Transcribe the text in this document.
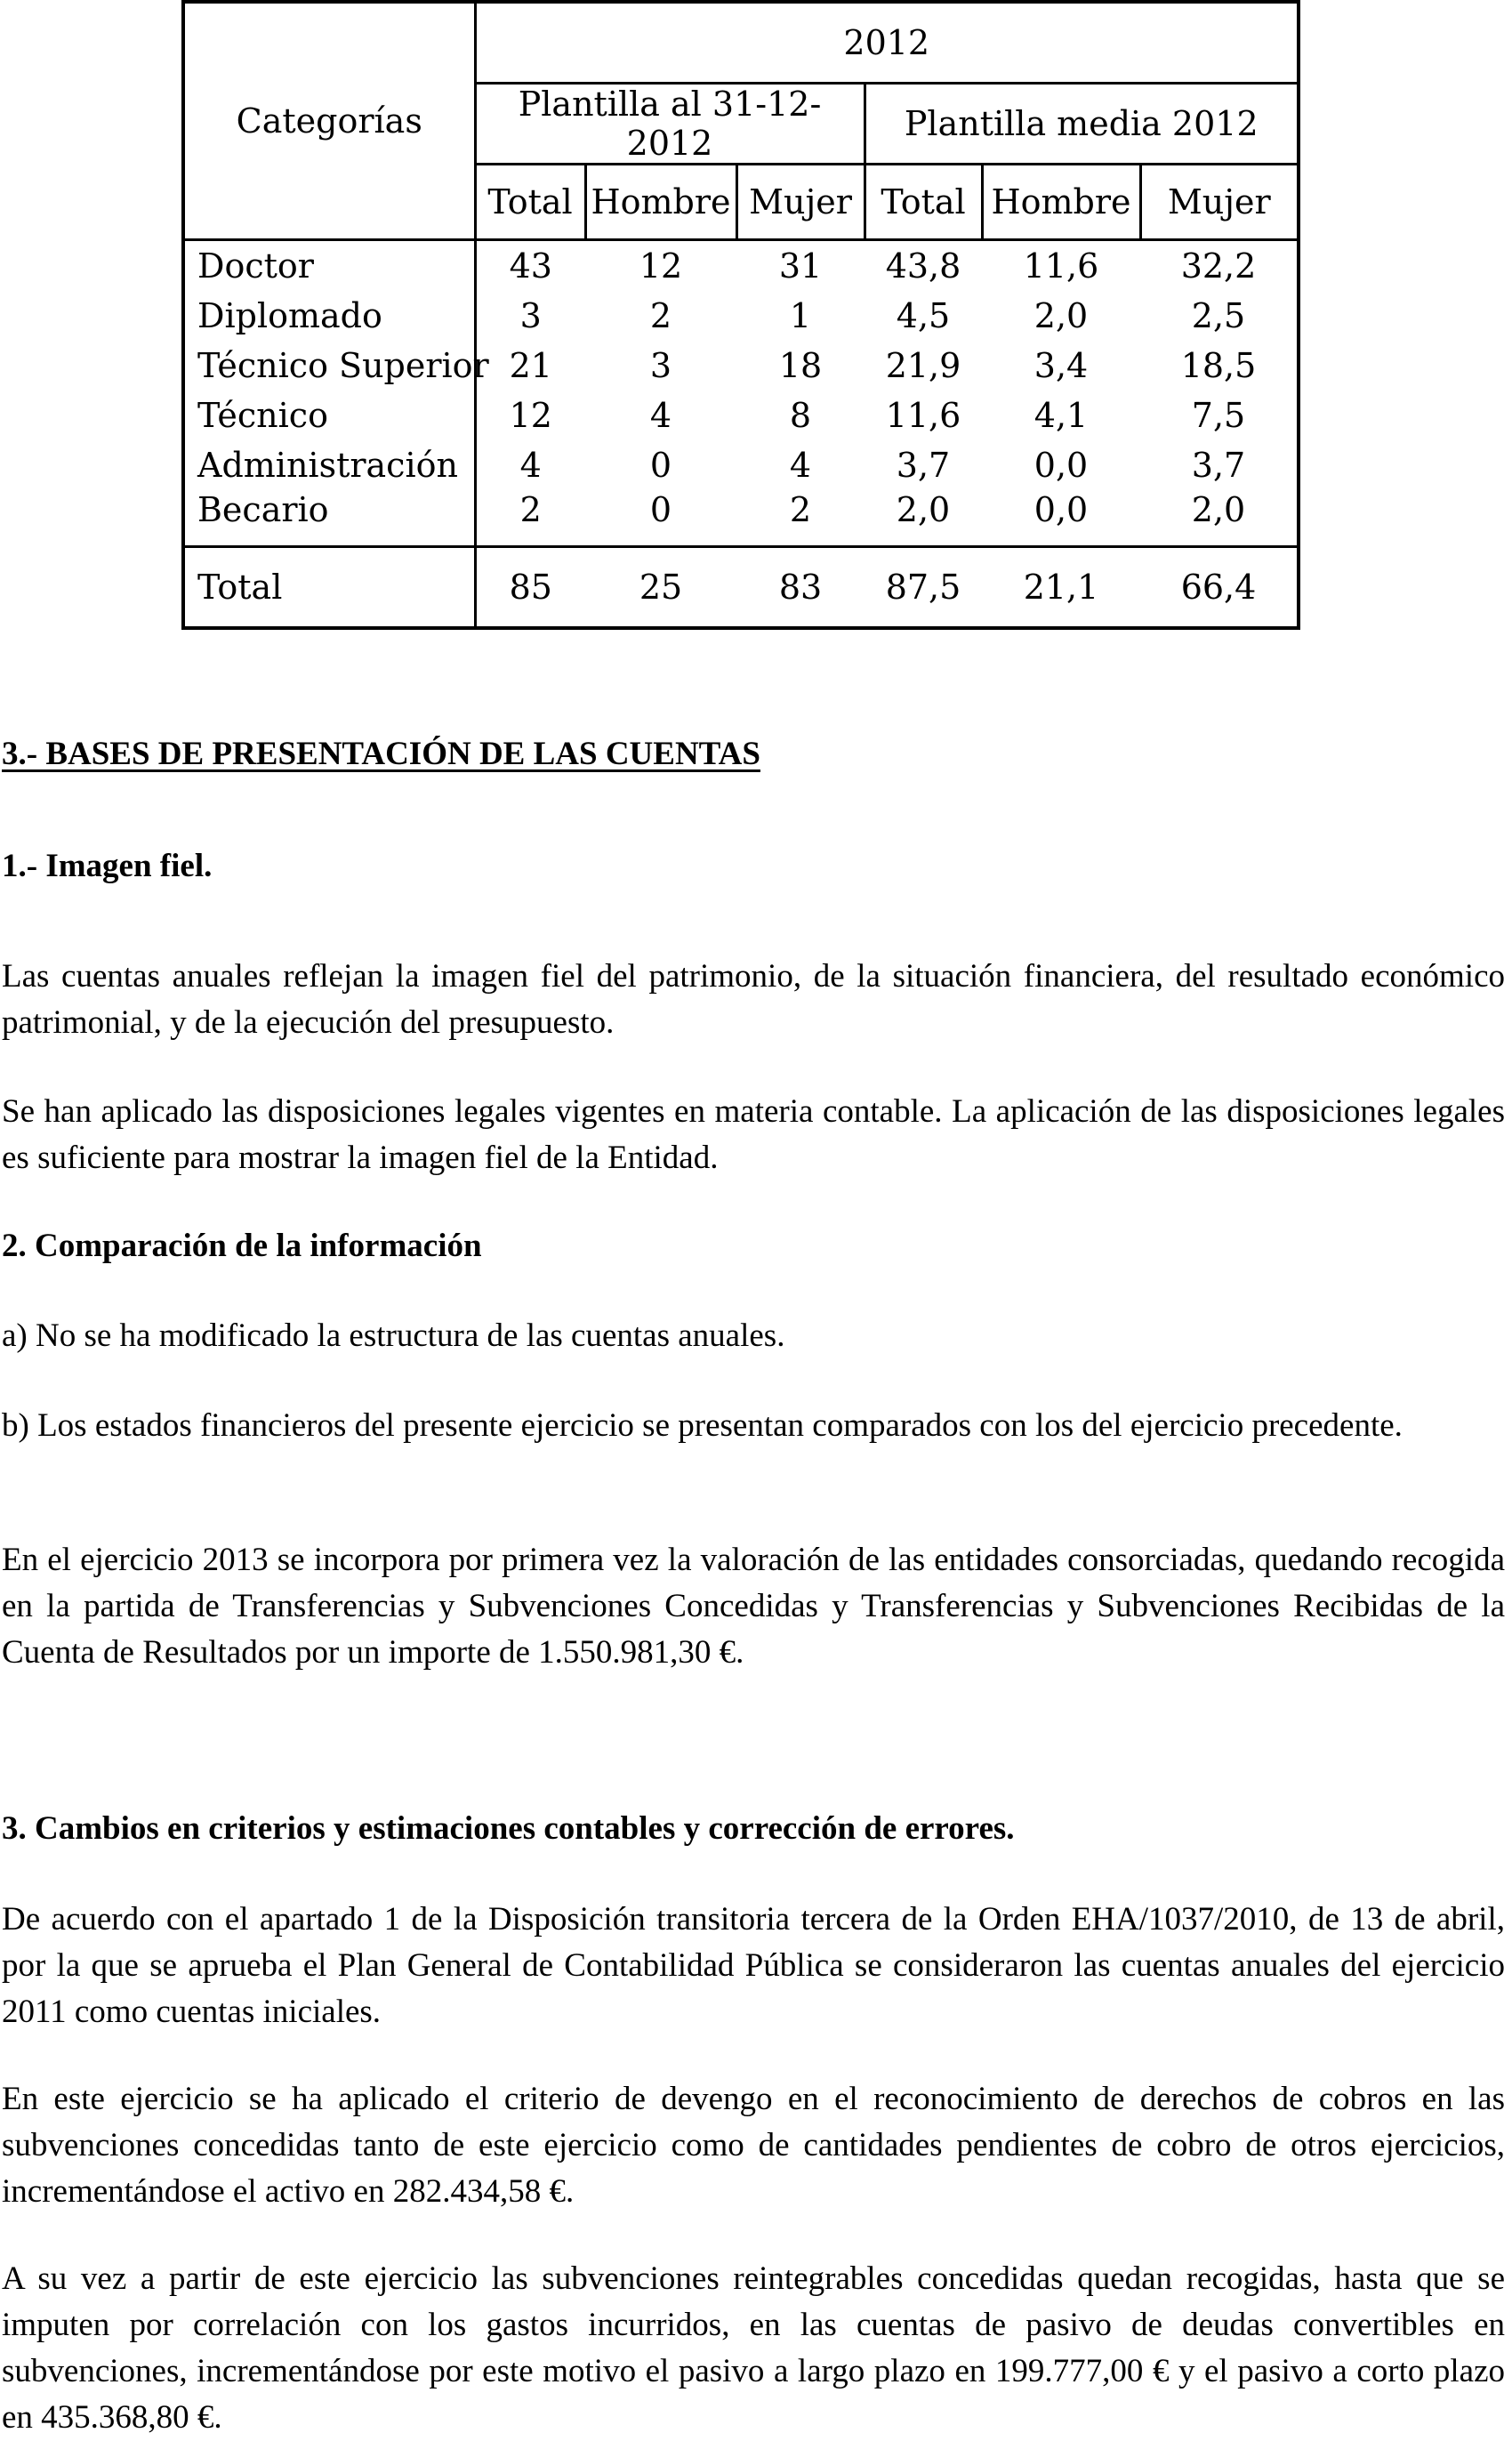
Categorías	2012					
	Plantilla al 31-12-2012			Plantilla media 2012		
	Total	Hombre	Mujer	Total	Hombre	Mujer
Doctor	43	12	31	43,8	11,6	32,2
Diplomado	3	2	1	4,5	2,0	2,5
Técnico Superior	21	3	18	21,9	3,4	18,5
Técnico	12	4	8	11,6	4,1	7,5
Administración	4	0	4	3,7	0,0	3,7
Becario	2	0	2	2,0	0,0	2,0
Total	85	25	83	87,5	21,1	66,4
3.- BASES DE PRESENTACIÓN DE LAS CUENTAS
1.- Imagen fiel.
Las cuentas anuales reflejan la imagen fiel del patrimonio, de la situación financiera, del resultado económico patrimonial, y de la ejecución del presupuesto.
Se han aplicado las disposiciones legales vigentes en materia contable. La aplicación de las disposiciones legales es suficiente para mostrar la imagen fiel de la Entidad.
2. Comparación de la información
a) No se ha modificado la estructura de las cuentas anuales.
b) Los estados financieros del presente ejercicio se presentan comparados con los del ejercicio precedente.
En el ejercicio 2013 se incorpora por primera vez la valoración de las entidades consorciadas, quedando recogida en la partida de Transferencias y Subvenciones Concedidas y Transferencias y Subvenciones Recibidas de la Cuenta de Resultados por un importe de 1.550.981,30 €.
3. Cambios en criterios y estimaciones contables y corrección de errores.
De acuerdo con el apartado 1 de la Disposición transitoria tercera de la Orden EHA/1037/2010, de 13 de abril, por la que se aprueba el Plan General de Contabilidad Pública se consideraron las cuentas anuales del ejercicio 2011 como cuentas iniciales.
En este ejercicio se ha aplicado el criterio de devengo en el reconocimiento de derechos de cobros en las subvenciones concedidas tanto de este ejercicio como de cantidades pendientes de cobro de otros ejercicios, incrementándose el activo en 282.434,58 €.
A su vez a partir de este ejercicio las subvenciones reintegrables concedidas quedan recogidas, hasta que se imputen por correlación con los gastos incurridos, en las cuentas de pasivo de deudas convertibles en subvenciones, incrementándose por este motivo el pasivo a largo plazo en 199.777,00 € y el pasivo a corto plazo en 435.368,80 €.
